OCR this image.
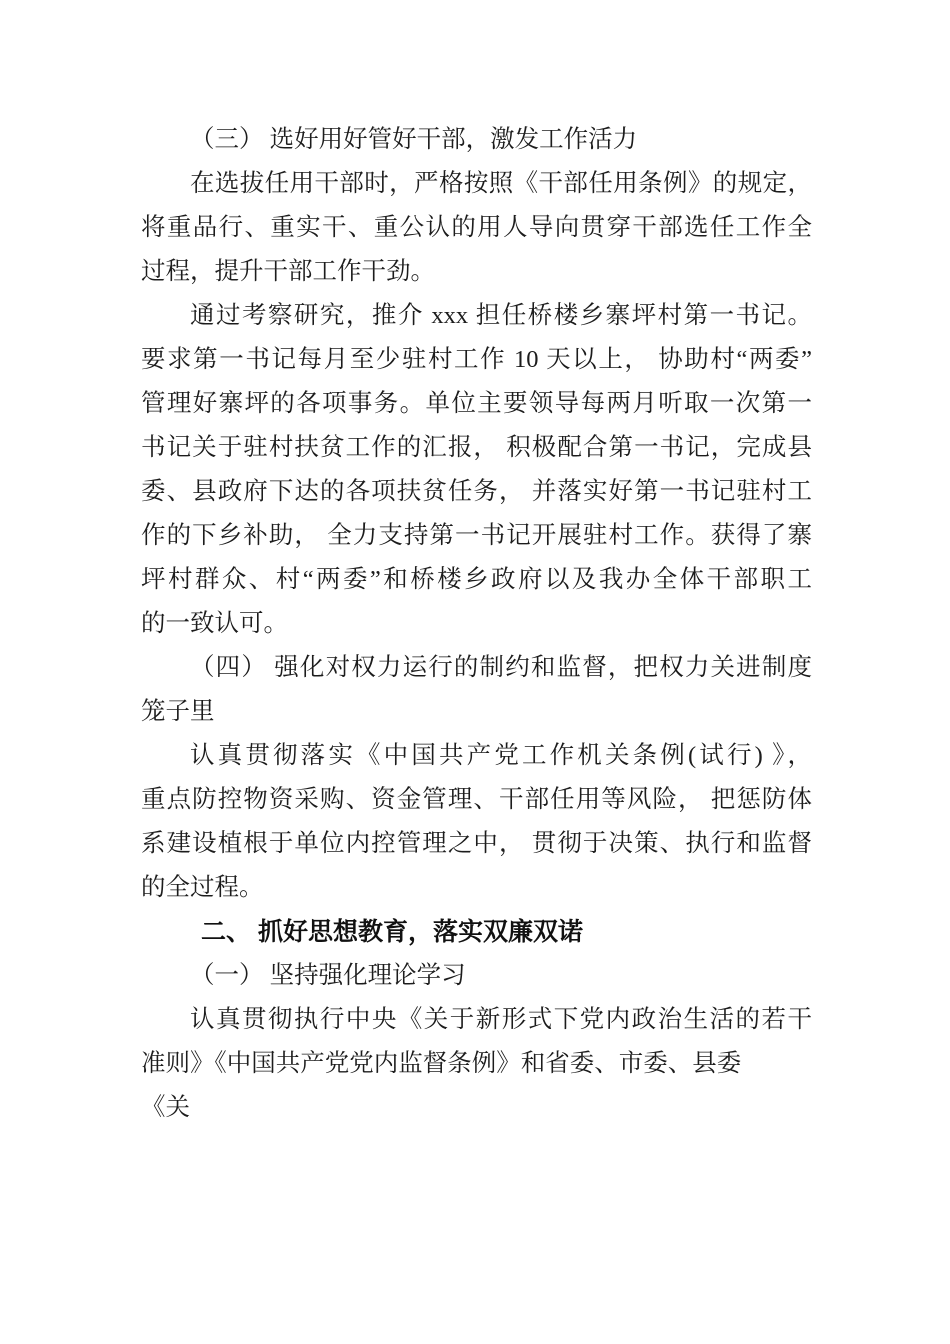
（三） 选好用好管好干部，激发工作活力
在选拔任用干部时，严格按照《干部任用条例》的规定，
将重品行、重实干、重公认的用人导向贯穿干部选任工作全
过程，提升干部工作干劲。
通过考察研究，推介 xxx 担任桥楼乡寨坪村第一书记。
要求第一书记每月至少驻村工作 10 天以上， 协助村“两委”
管理好寨坪的各项事务。单位主要领导每两月听取一次第一
书记关于驻村扶贫工作的汇报， 积极配合第一书记，完成县
委、县政府下达的各项扶贫任务， 并落实好第一书记驻村工
作的下乡补助， 全力支持第一书记开展驻村工作。获得了寨
坪村群众、村“两委”和桥楼乡政府以及我办全体干部职工
的一致认可。
（四） 强化对权力运行的制约和监督，把权力关进制度
笼子里
认真贯彻落实《中国共产党工作机关条例(试行) 》，
重点防控物资采购、资金管理、干部任用等风险， 把惩防体
系建设植根于单位内控管理之中， 贯彻于决策、执行和监督
的全过程。
二、 抓好思想教育，落实双廉双诺
（一） 坚持强化理论学习
认真贯彻执行中央《关于新形式下党内政治生活的若干
准则》《中国共产党党内监督条例》和省委、市委、县委
《关
